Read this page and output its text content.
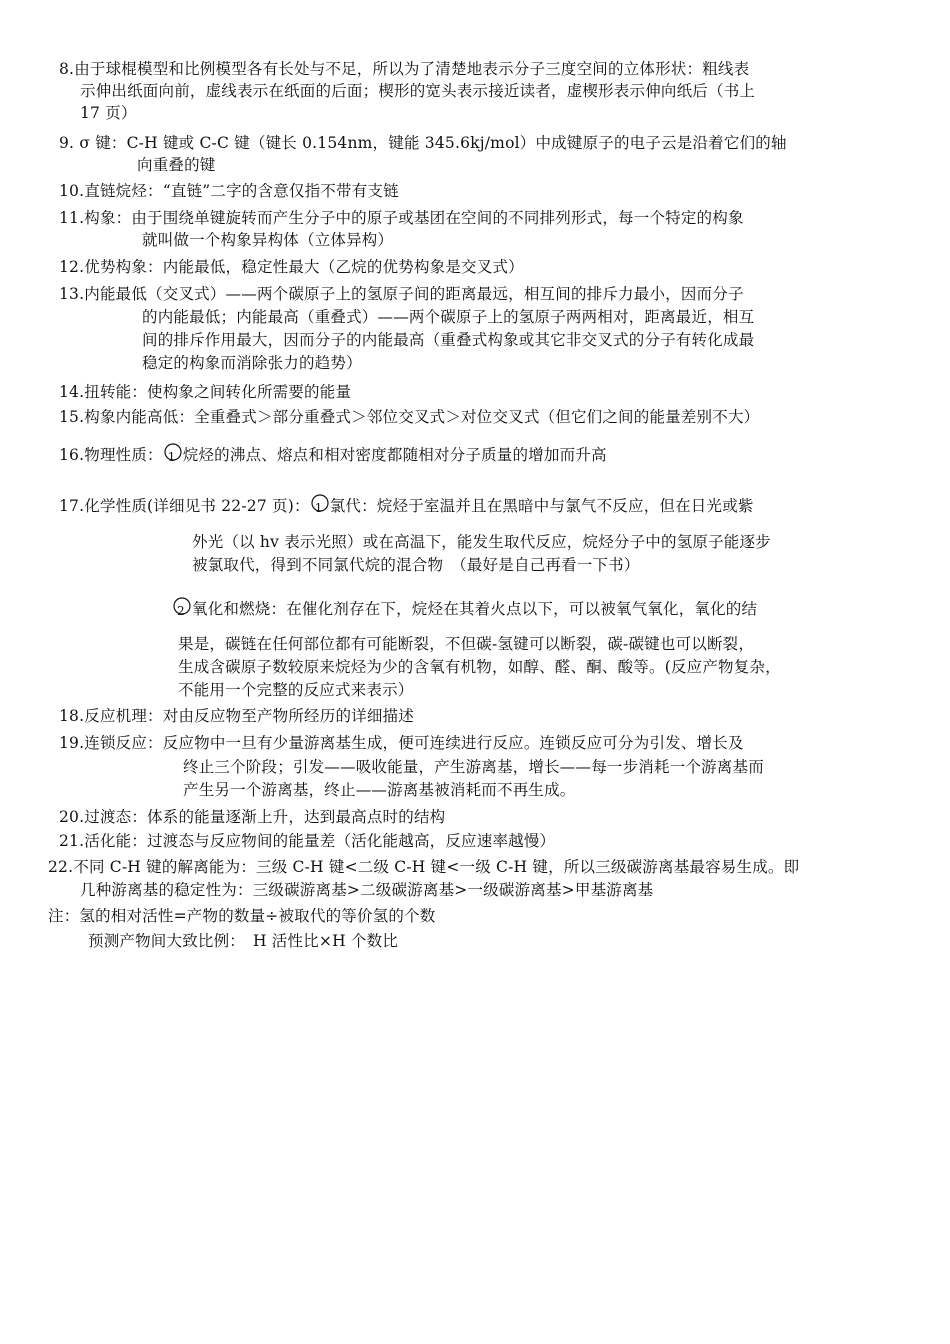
8.由于球棍模型和比例模型各有长处与不足，所以为了清楚地表示分子三度空间的立体形状：粗线表
示伸出纸面向前，虚线表示在纸面的后面；楔形的宽头表示接近读者，虚楔形表示伸向纸后（书上
17 页）
9. σ 键：C-H 键或 C-C 键（键长 0.154nm，键能 345.6kj/mol）中成键原子的电子云是沿着它们的轴
向重叠的键
10.直链烷烃：“直链”二字的含意仅指不带有支链
11.构象：由于围绕单键旋转而产生分子中的原子或基团在空间的不同排列形式，每一个特定的构象
就叫做一个构象异构体（立体异构）
12.优势构象：内能最低，稳定性最大（乙烷的优势构象是交叉式）
13.内能最低（交叉式）——两个碳原子上的氢原子间的距离最远，相互间的排斥力最小，因而分子
的内能最低；内能最高（重叠式）——两个碳原子上的氢原子两两相对，距离最近，相互
间的排斥作用最大，因而分子的内能最高（重叠式构象或其它非交叉式的分子有转化成最
稳定的构象而消除张力的趋势）
14.扭转能：使构象之间转化所需要的能量
15.构象内能高低：全重叠式＞部分重叠式＞邻位交叉式＞对位交叉式（但它们之间的能量差别不大）
16.物理性质： 1 烷烃的沸点、熔点和相对密度都随相对分子质量的增加而升高
17.化学性质(详细见书 22-27 页)： 1 氯代：烷烃于室温并且在黑暗中与氯气不反应，但在日光或紫
外光（以 hv 表示光照）或在高温下，能发生取代反应，烷烃分子中的氢原子能逐步
被氯取代，得到不同氯代烷的混合物　（最好是自己再看一下书）
2 氧化和燃烧：在催化剂存在下，烷烃在其着火点以下，可以被氧气氧化，氧化的结
果是，碳链在任何部位都有可能断裂，不但碳-氢键可以断裂，碳-碳键也可以断裂，
生成含碳原子数较原来烷烃为少的含氧有机物，如醇、醛、酮、酸等。(反应产物复杂，
不能用一个完整的反应式来表示）
18.反应机理：对由反应物至产物所经历的详细描述
19.连锁反应：反应物中一旦有少量游离基生成，便可连续进行反应。连锁反应可分为引发、增长及
终止三个阶段；引发——吸收能量，产生游离基，增长——每一步消耗一个游离基而
产生另一个游离基，终止——游离基被消耗而不再生成。
20.过渡态：体系的能量逐渐上升，达到最高点时的结构
21.活化能：过渡态与反应物间的能量差（活化能越高，反应速率越慢）
22.不同 C-H 键的解离能为：三级 C-H 键<二级 C-H 键<一级 C-H 键，所以三级碳游离基最容易生成。即
几种游离基的稳定性为：三级碳游离基>二级碳游离基>一级碳游离基>甲基游离基
注：氢的相对活性=产物的数量÷被取代的等价氢的个数
预测产物间大致比例：　H 活性比×H 个数比
